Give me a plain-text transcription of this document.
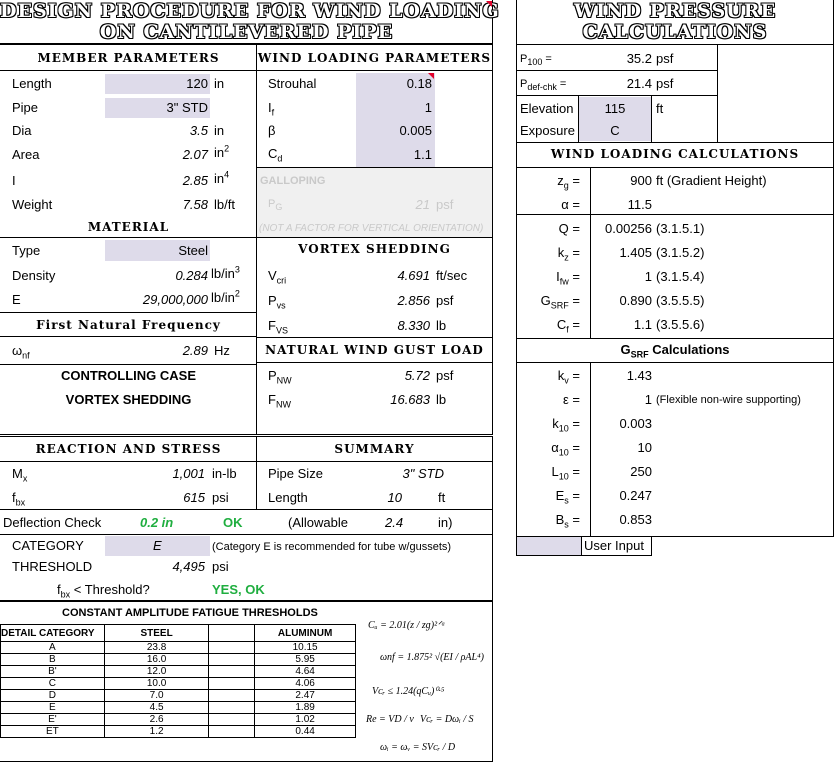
DESIGN PROCEDURE FOR WIND LOADING
ON CANTILEVERED PIPE
MEMBER PARAMETERS
Length	120 in
Pipe	3" STD
Dia	3.5 in
Area	2.07 $in^2$
I	2.85 $in^4$
Weight	7.58 lb/ft
MATERIAL
Type	Steel
Density	0.284 $lb/in^3$
E	29,000,000 $lb/in^2$
First Natural Frequency
$\omega_{nf}$	2.89 Hz
CONTROLLING CASE
VORTEX SHEDDING
WIND LOADING PARAMETERS
Strouhal	0.18
$I_f$	1
β	0.005
$C_d$	1.1
GALLOPING
$P_G$	21 psf
(NOT A FACTOR FOR VERTICAL ORIENTATION)
VORTEX SHEDDING
$V_{cri}$	4.691 ft/sec
$P_{vs}$	2.856 psf
$F_{VS}$	8.330 lb
NATURAL WIND GUST LOAD
$P_{NW}$	5.72 psf
$F_{NW}$	16.683 lb
REACTION AND STRESS	SUMMARY
$M_x$	1,001 in-lb
$f_{bx}$	615 psi
Pipe Size	3" STD
Length	10	ft
Deflection Check	0.2 in	OK	(Allowable	2.4	in)
CATEGORY	E	(Category E is recommended for tube w/gussets)
THRESHOLD	4,495 psi
$f_{bx}$ < Threshold?	YES, OK
CONSTANT AMPLITUDE FATIGUE THRESHOLDS
DETAIL CATEGORY	STEEL		ALUMINUM
A	23.8		10.15
B	16.0		5.95
B'	12.0		4.64
C	10.0		4.06
D	7.0		2.47
E	4.5		1.89
E'	2.6		1.02
ET	1.2		0.44
Cᵤ = 2.01(z / zɡ)²ᐟᵅ
ωnf = 1.875² √(EI / ρAL⁴)
Vᴄᵣ ≤ 1.24(qCᵤ)⁰·⁵
Re = VD / ν Vᴄᵣ = Dωᵢ / S
ωᵢ = ωᵥ = SVᴄᵣ / D
WIND PRESSURE
CALCULATIONS
$P_{100}$ =	35.2 psf
$P_{def-chk}$ =	21.4 psf
Elevation	115	ft
Exposure	C
WIND LOADING CALCULATIONS
$z_g$ =	900 ft (Gradient Height)
α =	11.5
Q =	0.00256 (3.1.5.1)
$k_z$ =	1.405 (3.1.5.2)
$I_{fw}$ =	1 (3.1.5.4)
$G_{SRF}$ =	0.890 (3.5.5.5)
$C_f$ =	1.1 (3.5.5.6)
$G_{SRF}$ Calculations
$k_v$ =	1.43
ε =	1 (Flexible non-wire supporting)
$k_{10}$ =	0.003
$\alpha_{10}$ =	10
$L_{10}$ =	250
$E_s$ =	0.247
$B_s$ =	0.853
User Input
